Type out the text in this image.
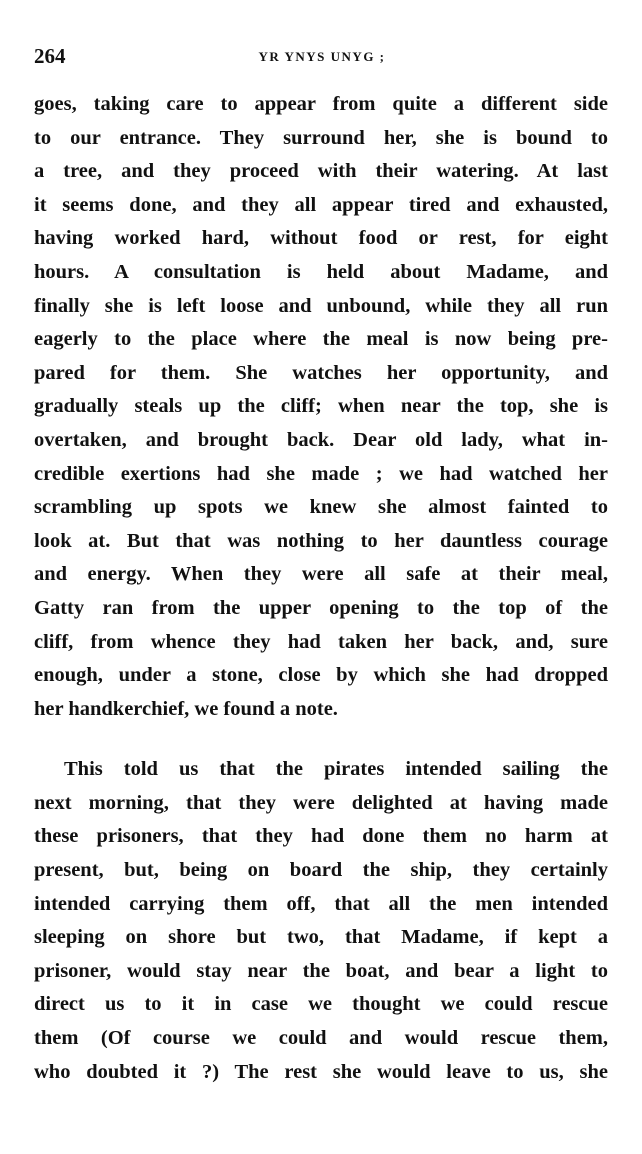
264	YR YNYS UNYG ;
goes, taking care to appear from quite a different side
to our entrance. They surround her, she is bound to
a tree, and they proceed with their watering. At last
it seems done, and they all appear tired and exhausted,
having worked hard, without food or rest, for eight
hours. A consultation is held about Madame, and
finally she is left loose and unbound, while they all run
eagerly to the place where the meal is now being pre-
pared for them. She watches her opportunity, and
gradually steals up the cliff; when near the top, she is
overtaken, and brought back. Dear old lady, what in-
credible exertions had she made ; we had watched her
scrambling up spots we knew she almost fainted to
look at. But that was nothing to her dauntless courage
and energy. When they were all safe at their meal,
Gatty ran from the upper opening to the top of the
cliff, from whence they had taken her back, and, sure
enough, under a stone, close by which she had dropped
her handkerchief, we found a note.
This told us that the pirates intended sailing the
next morning, that they were delighted at having made
these prisoners, that they had done them no harm at
present, but, being on board the ship, they certainly
intended carrying them off, that all the men intended
sleeping on shore but two, that Madame, if kept a
prisoner, would stay near the boat, and bear a light to
direct us to it in case we thought we could rescue
them (Of course we could and would rescue them,
who doubted it ?) The rest she would leave to us, she
